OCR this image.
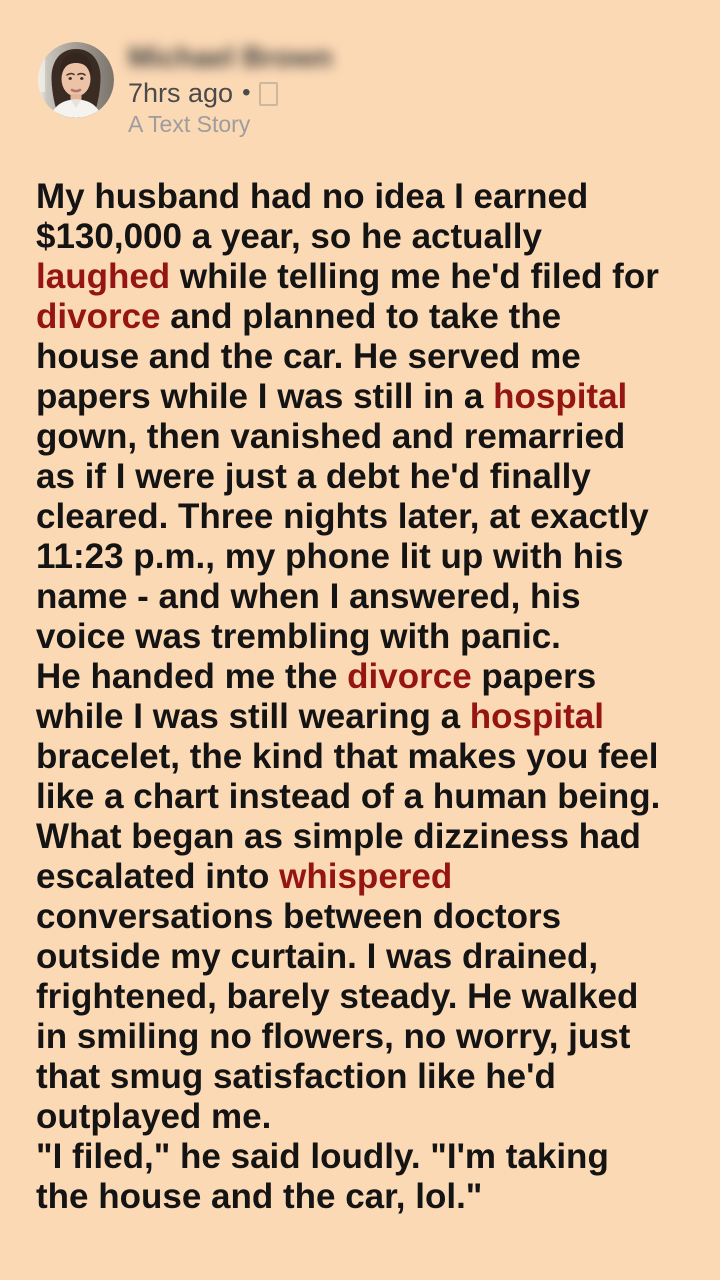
Michael Brown
7hrs ago •
A Text Story

My husband had no idea I earned $130,000 a year, so he actually laughed while telling me he'd filed for divorce and planned to take the house and the car. He served me papers while I was still in a hospital gown, then vanished and remarried as if I were just a debt he'd finally cleared. Three nights later, at exactly 11:23 p.m., my phone lit up with his name - and when I answered, his voice was trembling with paпic.

He handed me the divorce papers while I was still wearing a hospital bracelet, the kind that makes you feel like a chart instead of a human being. What began as simple dizziness had escalated into whispered conversations between doctors outside my curtain. I was drained, frightened, barely steady. He walked in smiling no flowers, no worry, just that smug satisfaction like he'd outplayed me.

"I filed," he said loudly. "I'm taking the house and the car, lol."
